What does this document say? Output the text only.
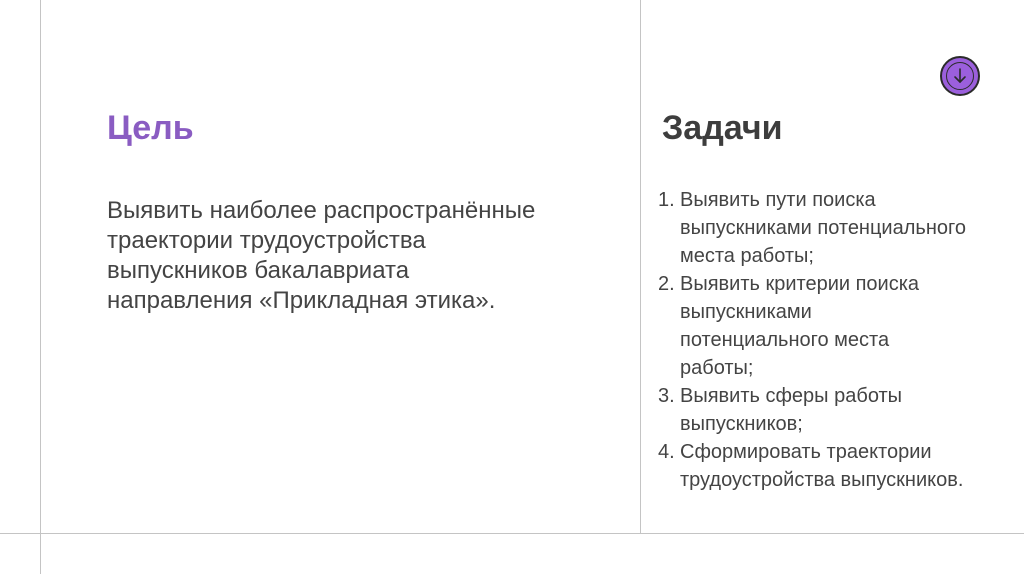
Цель

Выявить наиболее распространённые траектории трудоустройства выпускников бакалавриата направления «Прикладная этика».

Задачи
1. Выявить пути поиска
выпускниками потенциального
места работы;
2. Выявить критерии поиска
выпускниками
потенциального места
работы;
3. Выявить сферы работы
выпускников;
4. Сформировать траектории
трудоустройства выпускников.
